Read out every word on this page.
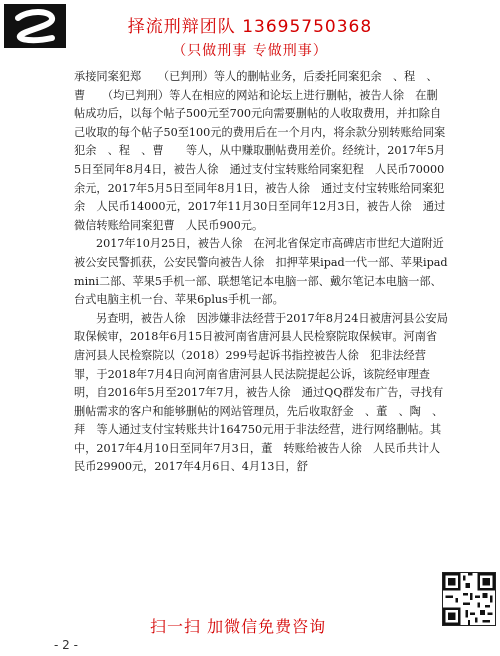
择流刑辩团队 13695750368
（只做刑事 专做刑事）

承接同案犯郑　　（已判刑）等人的删帖业务，后委托同案犯余　、程　、曹　　（均已判刑）等人在相应的网站和论坛上进行删帖，被告人徐　在删帖成功后，以每个帖子500元至700元向需要删帖的人收取费用，并扣除自己收取的每个帖子50至100元的费用后在一个月内，将余款分别转账给同案犯余　、程　、曹　　等人，从中赚取删帖费用差价。经统计，2017年5月5日至同年8月4日，被告人徐　通过支付宝转账给同案犯程　人民币70000余元，2017年5月5日至同年8月1日，被告人徐　通过支付宝转账给同案犯余　人民币14000元，2017年11月30日至同年12月3日，被告人徐　通过微信转账给同案犯曹　人民币900元。

2017年10月25日，被告人徐　在河北省保定市高碑店市世纪大道附近被公安民警抓获，公安民警向被告人徐　扣押苹果ipad一代一部、苹果ipad mini二部、苹果5手机一部、联想笔记本电脑一部、戴尔笔记本电脑一部、台式电脑主机一台、苹果6plus手机一部。

另查明，被告人徐　因涉嫌非法经营于2017年8月24日被唐河县公安局取保候审，2018年6月15日被河南省唐河县人民检察院取保候审。河南省唐河县人民检察院以（2018）299号起诉书指控被告人徐　犯非法经营罪，于2018年7月4日向河南省唐河县人民法院提起公诉，该院经审理查明，自2016年5月至2017年7月，被告人徐　通过QQ群发布广告，寻找有删帖需求的客户和能够删帖的网站管理员，先后收取舒金　、董　、陶　、拜　等人通过支付宝转账共计164750元用于非法经营，进行网络删帖。其中，2017年4月10日至同年7月3日，董　转账给被告人徐　人民币共计人民币29900元，2017年4月6日、4月13日，舒

扫一扫 加微信免费咨询
- 2 -
